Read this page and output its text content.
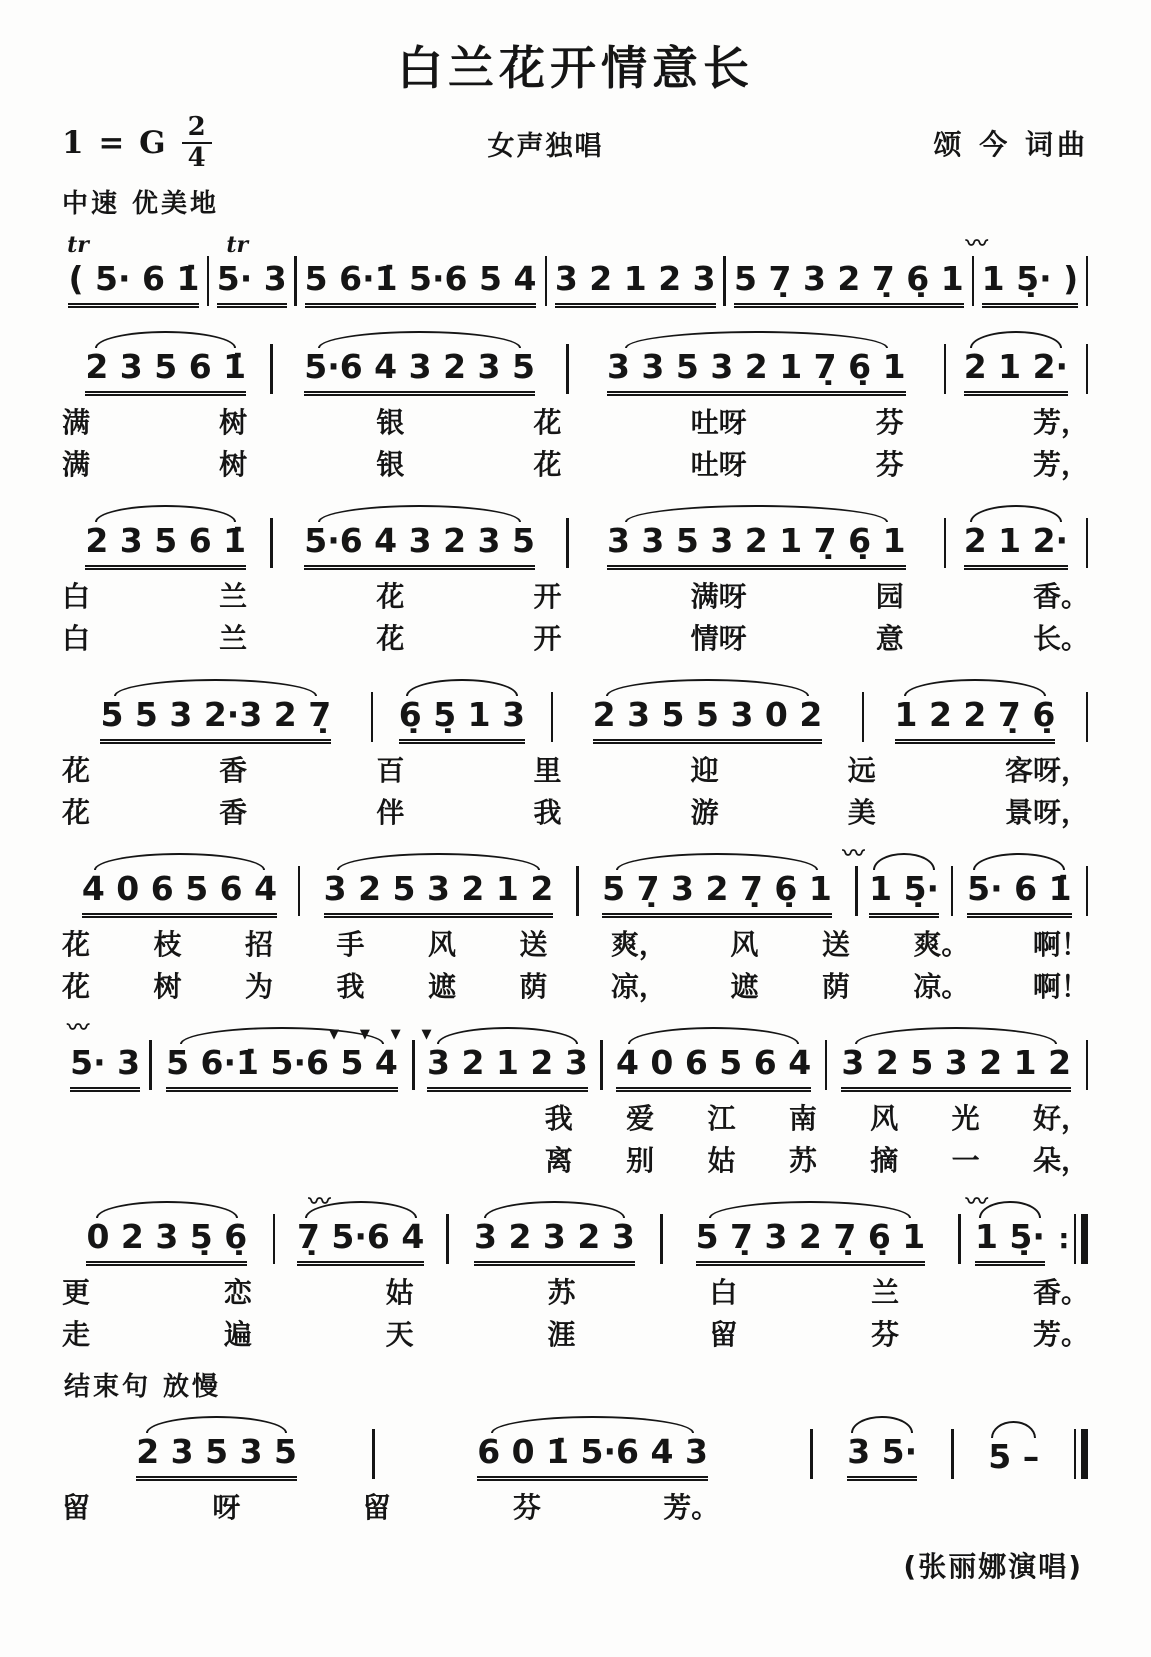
白兰花开情意长
1 = G $\frac{2}{4}$	女声独唱	颂 今 词曲
中速 优美地
tr	tr	〰
( 5· 6 1̇ 5· 3 5 6·1̇ 5·6 5 4 3 2 1 2 3 5 7̣ 3 2 7̣ 6̣ 1 1 5̣· )
2 3 5 6 1̇ 5·6 4 3 2 3 5 3 3 5 3 2 1 7̣ 6̣ 1 2 1 2·
满	树	银	花	吐呀	芬	芳，
满	树	银	花	吐呀	芬	芳，
2 3 5 6 1̇ 5·6 4 3 2 3 5 3 3 5 3 2 1 7̣ 6̣ 1 2 1 2·
白	兰	花	开	满呀	园	香。
白	兰	花	开	情呀	意	长。
5 5 3 2·3 2 7̣ 6̣ 5̣ 1 3 2 3 5 5 3 0 2 1 2 2 7̣ 6̣
花	香	百	里	迎	远	客呀，
花	香	伴	我	游	美	景呀，
〰
4 0 6 5 6 4 3 2 5 3 2 1 2 5 7̣ 3 2 7̣ 6̣ 1 1 5̣· 5· 6 1̇
花 枝 招 手 风 送 爽， 风 送 爽。 啊！
花 树 为 我 遮 荫 凉， 遮 荫 凉。 啊！
〰	▼ ▼ ▼ ▼
5· 3 5 6·1̇ 5·6 5 4 3 2 1 2 3 4 0 6 5 6 4 3 2 5 3 2 1 2
我 爱 江 南 风 光 好，
离 别 姑 苏 摘 一 朵，
〰	〰
0 2 3 5̣ 6̣ 7̣ 5·6 4 3 2 3 2 3 5 7̣ 3 2 7̣ 6̣ 1 1 5̣· :
更	恋	姑	苏	白	兰	香。
走	遍	天	涯	留	芬	芳。
结束句 放慢
2 3 5 3 5	6 0 1̇ 5·6 4 3	3 5· 5 –
留	呀	留	芬	芳。
(张丽娜演唱)
